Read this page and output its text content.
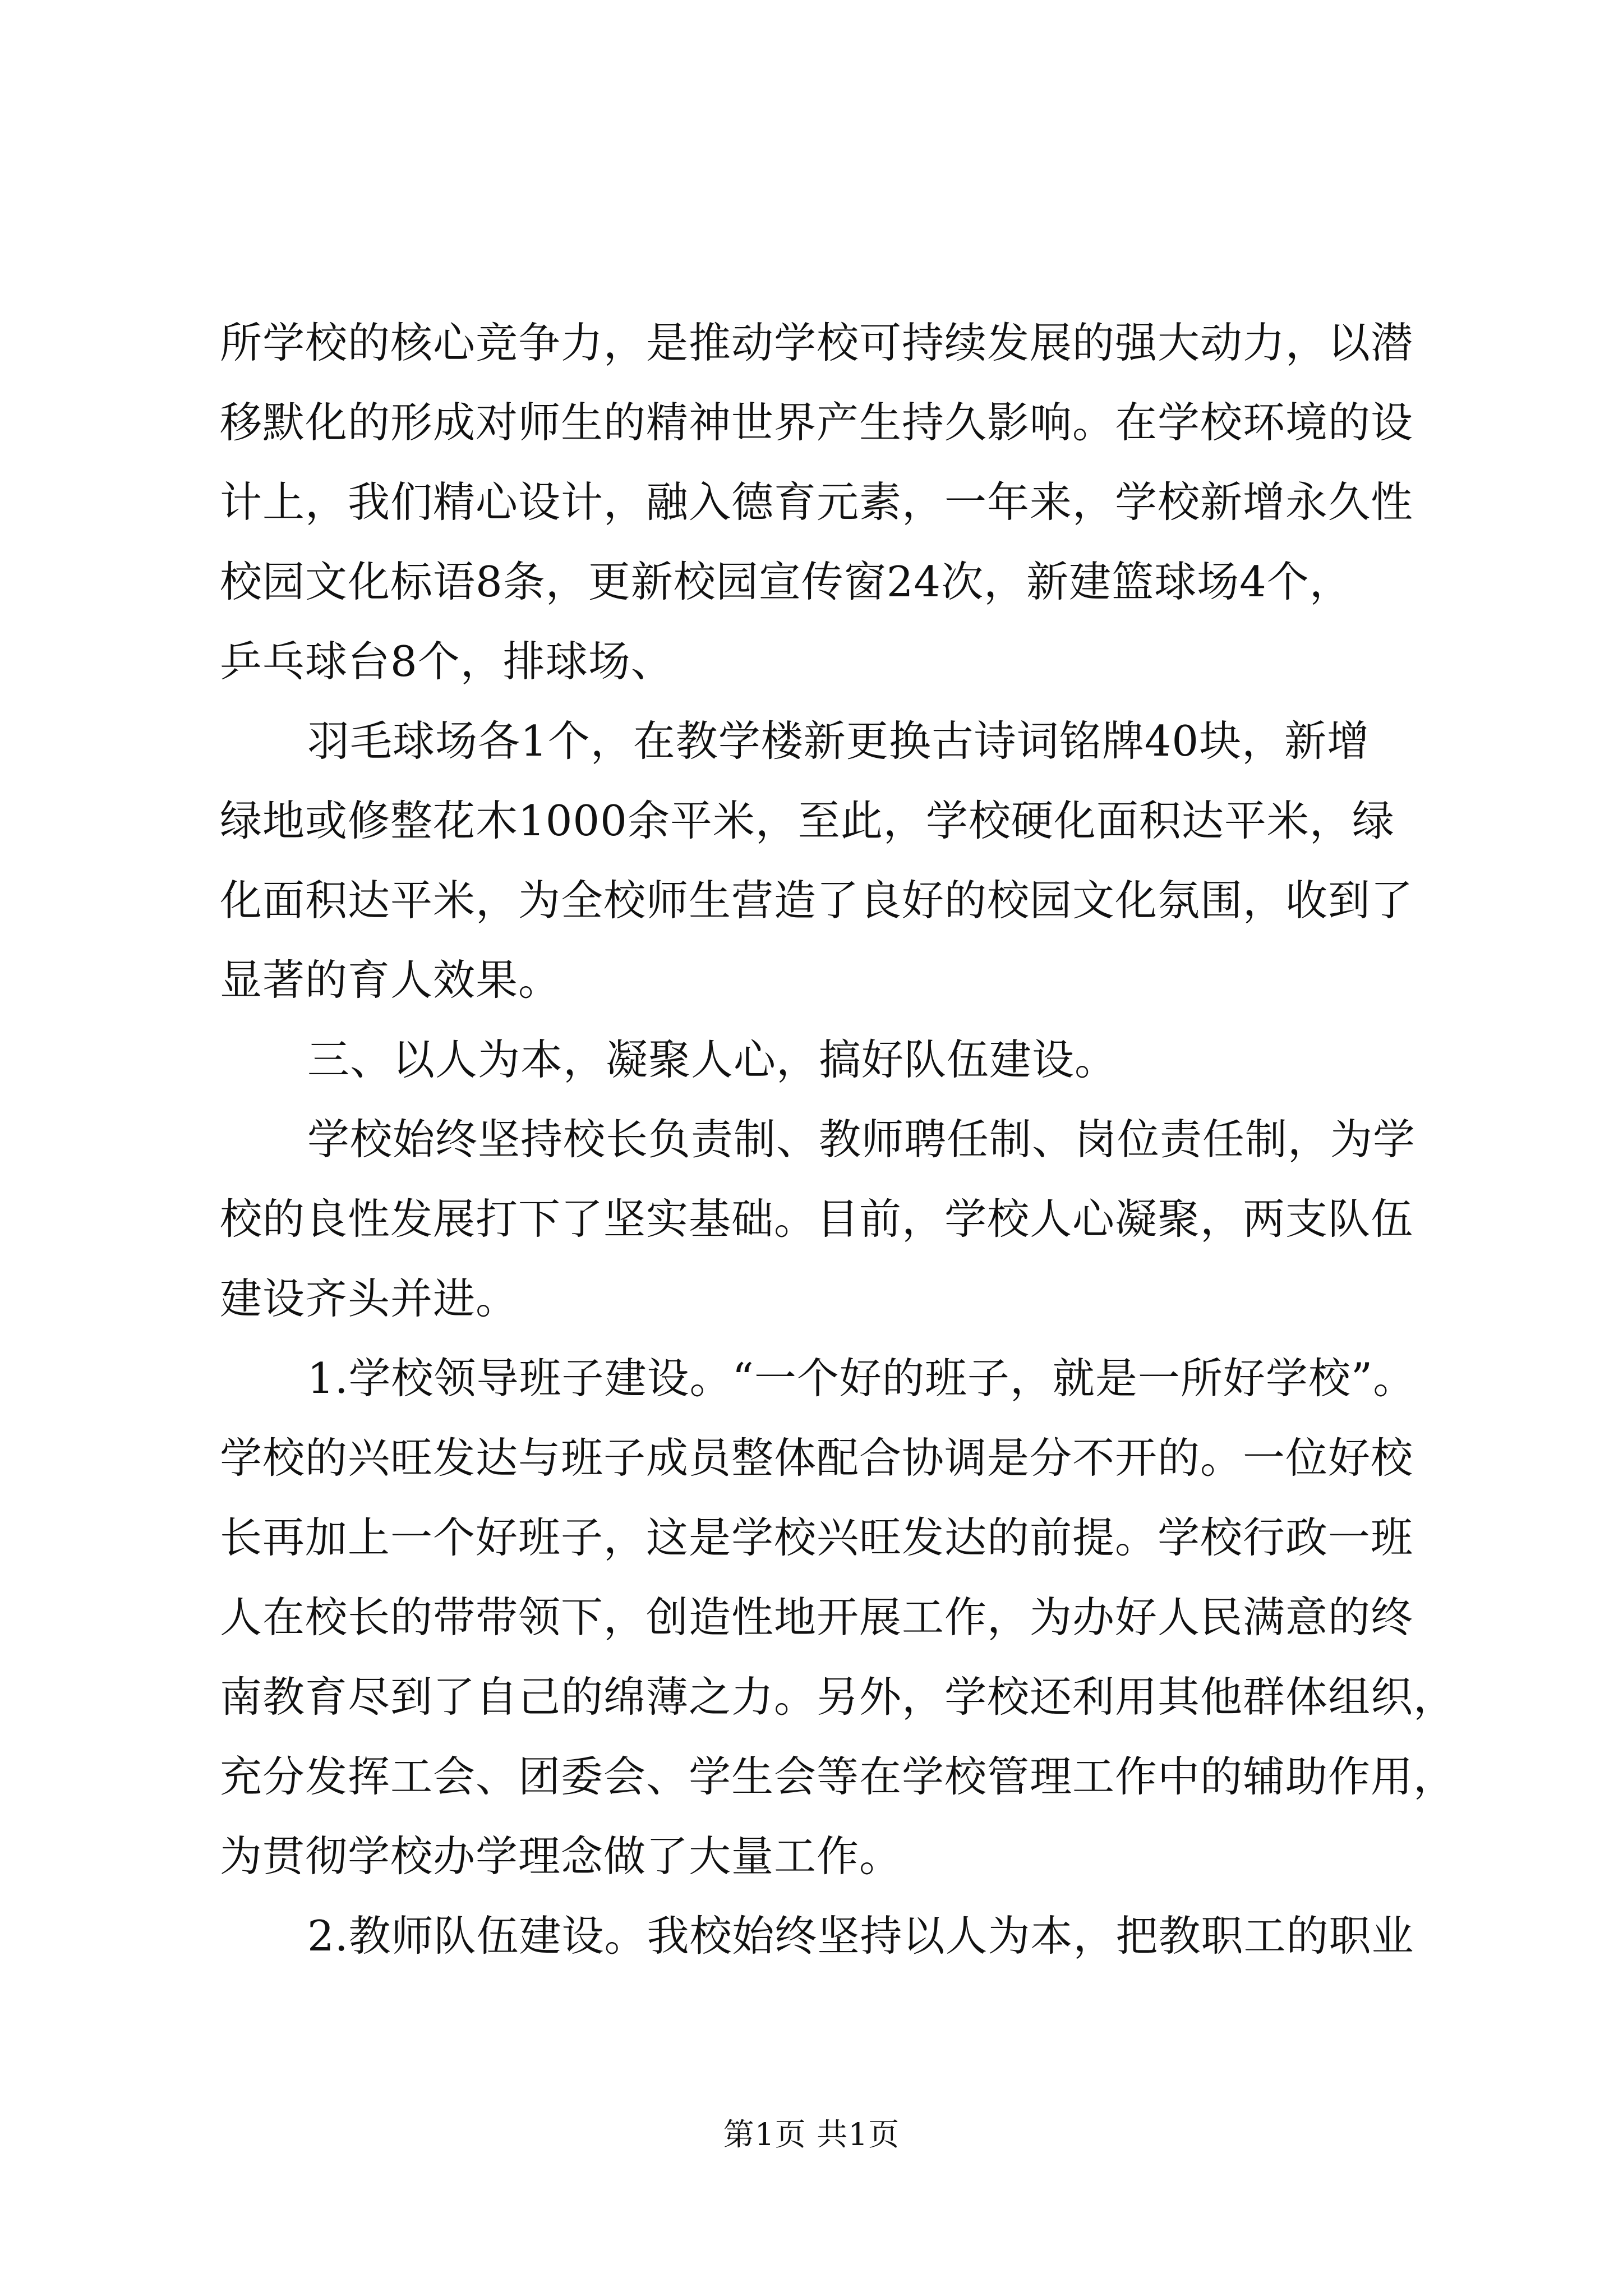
所学校的核心竞争力，是推动学校可持续发展的强大动力，以潜
移默化的形成对师生的精神世界产生持久影响。在学校环境的设
计上，我们精心设计，融入德育元素，一年来，学校新增永久性
校园文化标语8条，更新校园宣传窗24次，新建篮球场4个，
乒乓球台8个，排球场、
羽毛球场各1个，在教学楼新更换古诗词铭牌40块，新增
绿地或修整花木1000余平米，至此，学校硬化面积达平米，绿
化面积达平米，为全校师生营造了良好的校园文化氛围，收到了
显著的育人效果。
三、以人为本，凝聚人心，搞好队伍建设。
学校始终坚持校长负责制、教师聘任制、岗位责任制，为学
校的良性发展打下了坚实基础。目前，学校人心凝聚，两支队伍
建设齐头并进。
1.学校领导班子建设。“一个好的班子，就是一所好学校”。
学校的兴旺发达与班子成员整体配合协调是分不开的。一位好校
长再加上一个好班子，这是学校兴旺发达的前提。学校行政一班
人在校长的带带领下，创造性地开展工作，为办好人民满意的终
南教育尽到了自己的绵薄之力。另外，学校还利用其他群体组织，
充分发挥工会、团委会、学生会等在学校管理工作中的辅助作用，
为贯彻学校办学理念做了大量工作。
2.教师队伍建设。我校始终坚持以人为本，把教职工的职业
第1页 共1页
